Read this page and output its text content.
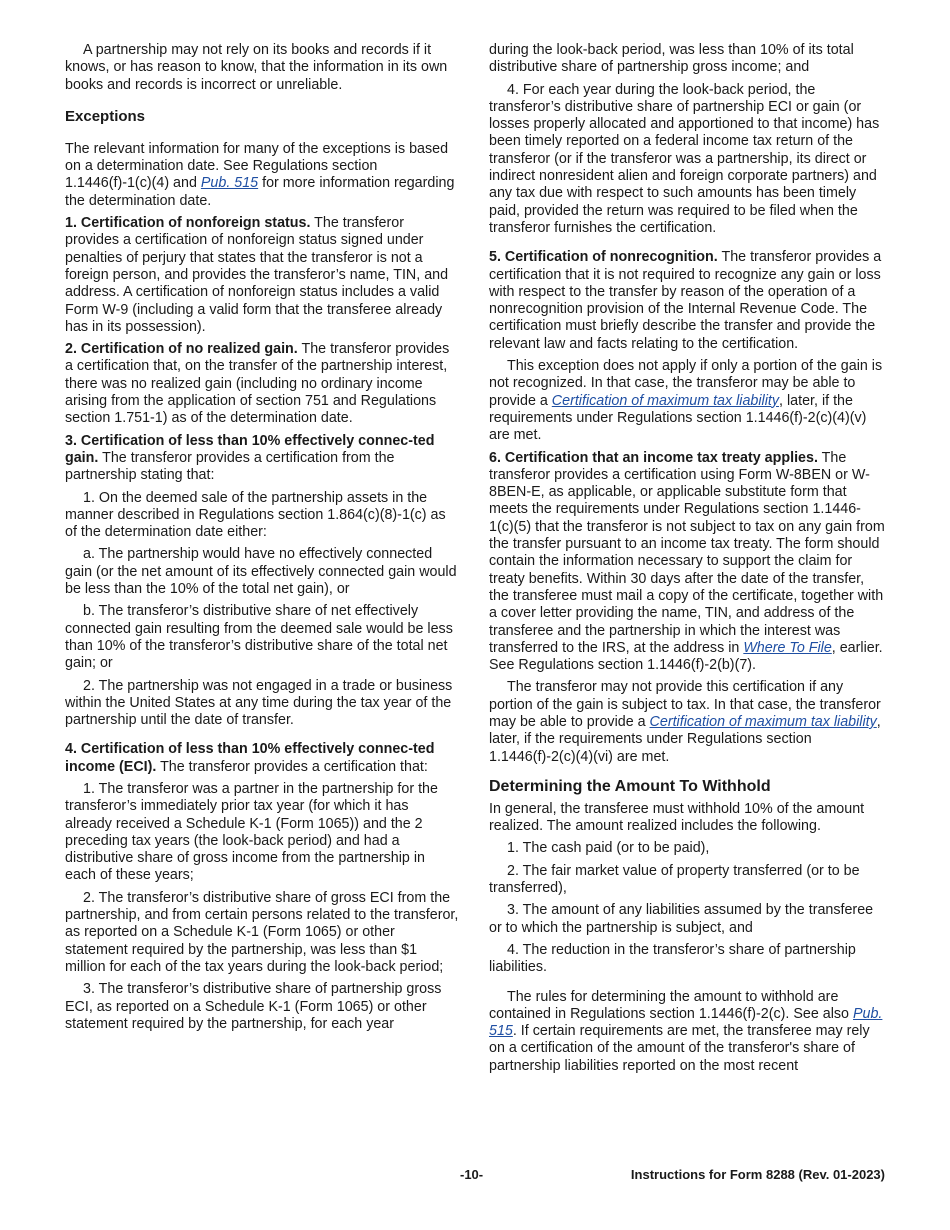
A partnership may not rely on its books and records if it knows, or has reason to know, that the information in its own books and records is incorrect or unreliable.

Exceptions

The relevant information for many of the exceptions is based on a determination date. See Regulations section 1.1446(f)-1(c)(4) and Pub. 515 for more information regarding the determination date.

1. Certification of nonforeign status. The transferor provides a certification of nonforeign status signed under penalties of perjury that states that the transferor is not a foreign person, and provides the transferor’s name, TIN, and address. A certification of nonforeign status includes a valid Form W-9 (including a valid form that the transferee already has in its possession).

2. Certification of no realized gain. The transferor provides a certification that, on the transfer of the partnership interest, there was no realized gain (including no ordinary income arising from the application of section 751 and Regulations section 1.751-1) as of the determination date.

3. Certification of less than 10% effectively connec-ted gain. The transferor provides a certification from the partnership stating that:

1. On the deemed sale of the partnership assets in the manner described in Regulations section 1.864(c)(8)-1(c) as of the determination date either:

a. The partnership would have no effectively connected gain (or the net amount of its effectively connected gain would be less than the 10% of the total net gain), or

b. The transferor’s distributive share of net effectively connected gain resulting from the deemed sale would be less than 10% of the transferor’s distributive share of the total net gain; or

2. The partnership was not engaged in a trade or business within the United States at any time during the tax year of the partnership until the date of transfer.

4. Certification of less than 10% effectively connec-ted income (ECI). The transferor provides a certification that:

1. The transferor was a partner in the partnership for the transferor’s immediately prior tax year (for which it has already received a Schedule K-1 (Form 1065)) and the 2 preceding tax years (the look-back period) and had a distributive share of gross income from the partnership in each of these years;

2. The transferor’s distributive share of gross ECI from the partnership, and from certain persons related to the transferor, as reported on a Schedule K-1 (Form 1065) or other statement required by the partnership, was less than $1 million for each of the tax years during the look-back period;

3. The transferor’s distributive share of partnership gross ECI, as reported on a Schedule K-1 (Form 1065) or other statement required by the partnership, for each year

during the look-back period, was less than 10% of its total distributive share of partnership gross income; and

4. For each year during the look-back period, the transferor’s distributive share of partnership ECI or gain (or losses properly allocated and apportioned to that income) has been timely reported on a federal income tax return of the transferor (or if the transferor was a partnership, its direct or indirect nonresident alien and foreign corporate partners) and any tax due with respect to such amounts has been timely paid, provided the return was required to be filed when the transferor furnishes the certification.

5. Certification of nonrecognition. The transferor provides a certification that it is not required to recognize any gain or loss with respect to the transfer by reason of the operation of a nonrecognition provision of the Internal Revenue Code. The certification must briefly describe the transfer and provide the relevant law and facts relating to the certification.

This exception does not apply if only a portion of the gain is not recognized. In that case, the transferor may be able to provide a Certification of maximum tax liability, later, if the requirements under Regulations section 1.1446(f)-2(c)(4)(v) are met.

6. Certification that an income tax treaty applies. The transferor provides a certification using Form W-8BEN or W-8BEN-E, as applicable, or applicable substitute form that meets the requirements under Regulations section 1.1446-1(c)(5) that the transferor is not subject to tax on any gain from the transfer pursuant to an income tax treaty. The form should contain the information necessary to support the claim for treaty benefits. Within 30 days after the date of the transfer, the transferee must mail a copy of the certificate, together with a cover letter providing the name, TIN, and address of the transferee and the partnership in which the interest was transferred to the IRS, at the address in Where To File, earlier. See Regulations section 1.1446(f)-2(b)(7).

The transferor may not provide this certification if any portion of the gain is subject to tax. In that case, the transferor may be able to provide a Certification of maximum tax liability, later, if the requirements under Regulations section 1.1446(f)-2(c)(4)(vi) are met.

Determining the Amount To Withhold

In general, the transferee must withhold 10% of the amount realized. The amount realized includes the following.

1. The cash paid (or to be paid),

2. The fair market value of property transferred (or to be transferred),

3. The amount of any liabilities assumed by the transferee or to which the partnership is subject, and

4. The reduction in the transferor’s share of partnership liabilities.

The rules for determining the amount to withhold are contained in Regulations section 1.1446(f)-2(c). See also Pub. 515. If certain requirements are met, the transferee may rely on a certification of the amount of the transferor's share of partnership liabilities reported on the most recent

-10-	Instructions for Form 8288 (Rev. 01-2023)
